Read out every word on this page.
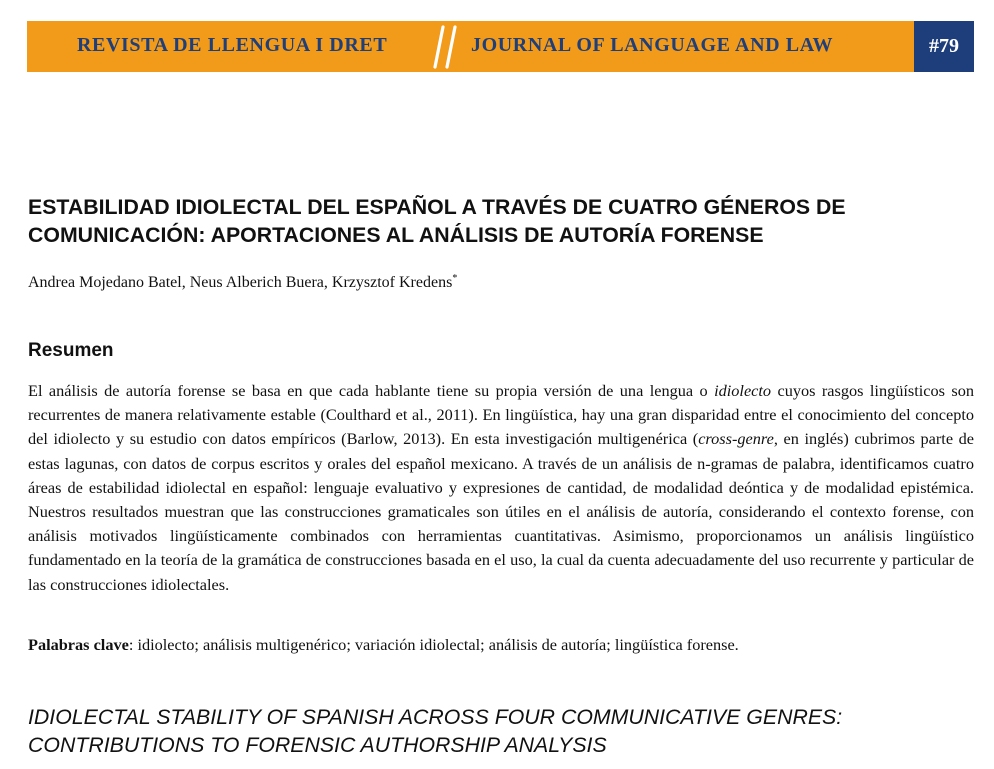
REVISTA DE LLENGUA I DRET	JOURNAL OF LANGUAGE AND LAW	#79
ESTABILIDAD IDIOLECTAL DEL ESPAÑOL A TRAVÉS DE CUATRO GÉNEROS DE COMUNICACIÓN: APORTACIONES AL ANÁLISIS DE AUTORÍA FORENSE
Andrea Mojedano Batel, Neus Alberich Buera, Krzysztof Kredens*
Resumen
El análisis de autoría forense se basa en que cada hablante tiene su propia versión de una lengua o idiolecto cuyos rasgos lingüísticos son recurrentes de manera relativamente estable (Coulthard et al., 2011). En lingüística, hay una gran disparidad entre el conocimiento del concepto del idiolecto y su estudio con datos empíricos (Barlow, 2013). En esta investigación multigenérica (cross-genre, en inglés) cubrimos parte de estas lagunas, con datos de corpus escritos y orales del español mexicano. A través de un análisis de n-gramas de palabra, identificamos cuatro áreas de estabilidad idiolectal en español: lenguaje evaluativo y expresiones de cantidad, de modalidad deóntica y de modalidad epistémica. Nuestros resultados muestran que las construcciones gramaticales son útiles en el análisis de autoría, considerando el contexto forense, con análisis motivados lingüísticamente combinados con herramientas cuantitativas. Asimismo, proporcionamos un análisis lingüístico fundamentado en la teoría de la gramática de construcciones basada en el uso, la cual da cuenta adecuadamente del uso recurrente y particular de las construcciones idiolectales.
Palabras clave: idiolecto; análisis multigenérico; variación idiolectal; análisis de autoría; lingüística forense.
IDIOLECTAL STABILITY OF SPANISH ACROSS FOUR COMMUNICATIVE GENRES: CONTRIBUTIONS TO FORENSIC AUTHORSHIP ANALYSIS
